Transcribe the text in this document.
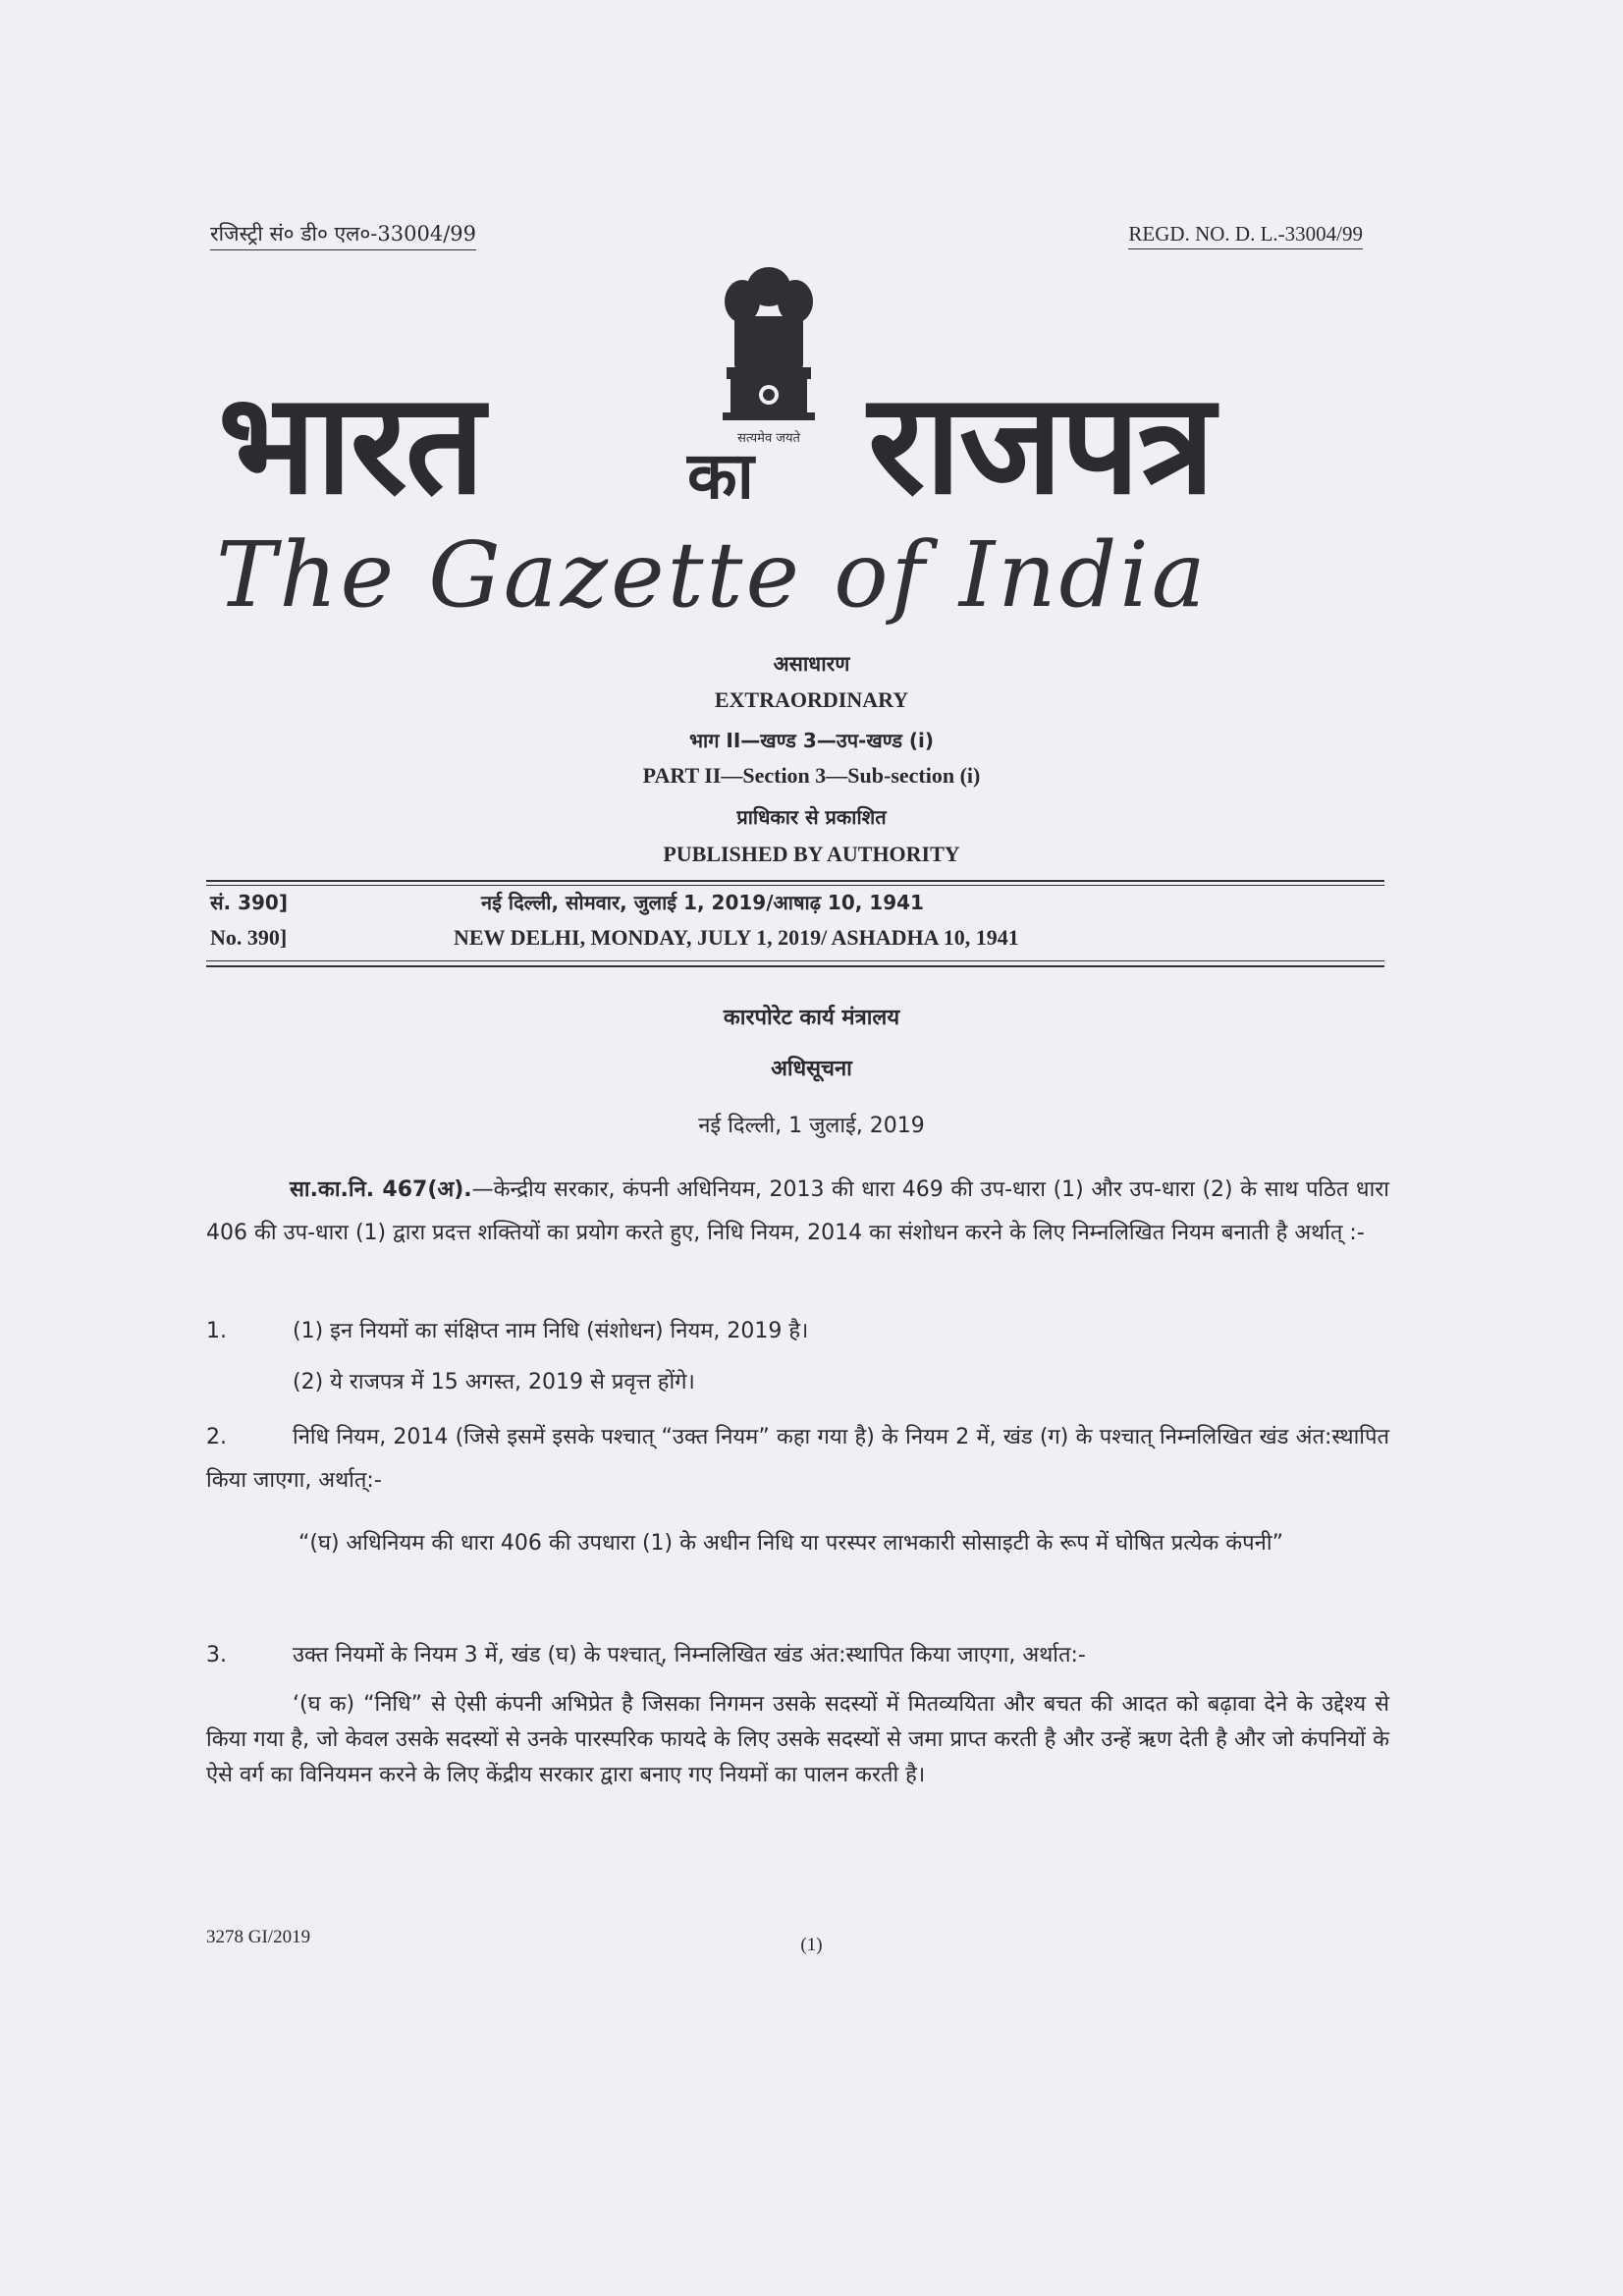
रजिस्ट्री सं० डी० एल०-33004/99	REGD. NO. D. L.-33004/99
सत्यमेव जयते
भारत	का राजपत्र
The Gazette of India
असाधारण
EXTRAORDINARY
भाग II—खण्ड 3—उप-खण्ड (i)
PART II—Section 3—Sub-section (i)
प्राधिकार से प्रकाशित
PUBLISHED BY AUTHORITY
सं. 390]	नई दिल्ली, सोमवार, जुलाई 1, 2019/आषाढ़ 10, 1941
No. 390]	NEW DELHI, MONDAY, JULY 1, 2019/ ASHADHA 10, 1941
कारपोरेट कार्य मंत्रालय
अधिसूचना
नई दिल्ली, 1 जुलाई, 2019
सा.का.नि. 467(अ).—केन्द्रीय सरकार, कंपनी अधिनियम, 2013 की धारा 469 की उप-धारा (1) और उप-धारा (2) के साथ पठित धारा 406 की उप-धारा (1) द्वारा प्रदत्त शक्तियों का प्रयोग करते हुए, निधि नियम, 2014 का संशोधन करने के लिए निम्नलिखित नियम बनाती है अर्थात् :-
1.	(1) इन नियमों का संक्षिप्त नाम निधि (संशोधन) नियम, 2019 है।
(2) ये राजपत्र में 15 अगस्त, 2019 से प्रवृत्त होंगे।
2.	निधि नियम, 2014 (जिसे इसमें इसके पश्चात् “उक्त नियम” कहा गया है) के नियम 2 में, खंड (ग) के पश्चात् निम्नलिखित खंड अंत:स्थापित किया जाएगा, अर्थात्:-
“(घ) अधिनियम की धारा 406 की उपधारा (1) के अधीन निधि या परस्पर लाभकारी सोसाइटी के रूप में घोषित प्रत्येक कंपनी”
3.	उक्त नियमों के नियम 3 में, खंड (घ) के पश्चात्, निम्नलिखित खंड अंत:स्थापित किया जाएगा, अर्थात:-
‘(घ क) “निधि” से ऐसी कंपनी अभिप्रेत है जिसका निगमन उसके सदस्यों में मितव्ययिता और बचत की आदत को बढ़ावा देने के उद्देश्य से किया गया है, जो केवल उसके सदस्यों से उनके पारस्परिक फायदे के लिए उसके सदस्यों से जमा प्राप्त करती है और उन्हें ऋण देती है और जो कंपनियों के ऐसे वर्ग का विनियमन करने के लिए केंद्रीय सरकार द्वारा बनाए गए नियमों का पालन करती है।
3278 GI/2019	(1)
